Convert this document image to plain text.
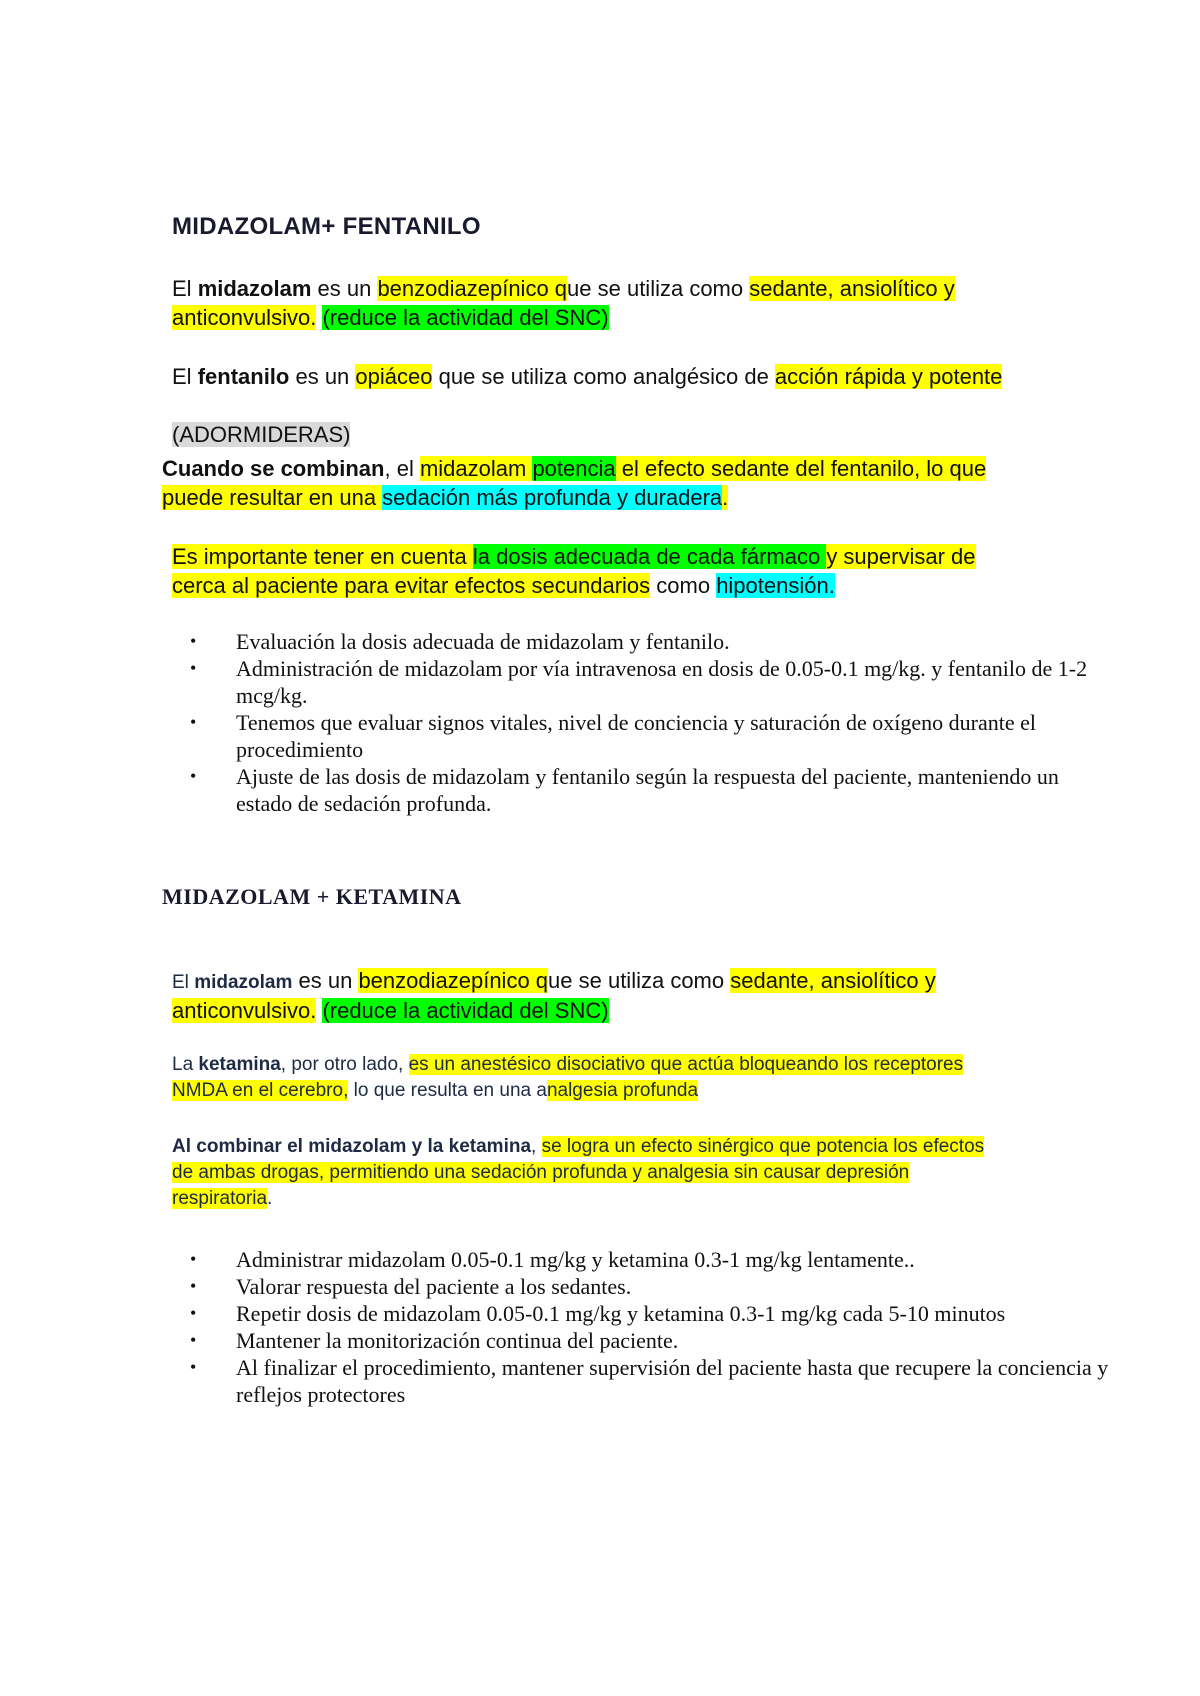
MIDAZOLAM+ FENTANILO

El midazolam es un benzodiazepínico que se utiliza como sedante, ansiolítico y
anticonvulsivo. (reduce la actividad del SNC)

El fentanilo es un opiáceo que se utiliza como analgésico de acción rápida y potente

(ADORMIDERAS)

Cuando se combinan, el midazolam potencia el efecto sedante del fentanilo, lo que
puede resultar en una sedación más profunda y duradera.

Es importante tener en cuenta la dosis adecuada de cada fármaco y supervisar de
cerca al paciente para evitar efectos secundarios como hipotensión.

• Evaluación la dosis adecuada de midazolam y fentanilo.
• Administración de midazolam por vía intravenosa en dosis de 0.05-0.1 mg/kg. y fentanilo de 1-2 mcg/kg.
• Tenemos que evaluar signos vitales, nivel de conciencia y saturación de oxígeno durante el procedimiento
• Ajuste de las dosis de midazolam y fentanilo según la respuesta del paciente, manteniendo un estado de sedación profunda.
MIDAZOLAM + KETAMINA

El midazolam es un benzodiazepínico que se utiliza como sedante, ansiolítico y
anticonvulsivo. (reduce la actividad del SNC)

La ketamina, por otro lado, es un anestésico disociativo que actúa bloqueando los receptores
NMDA en el cerebro, lo que resulta en una analgesia profunda

Al combinar el midazolam y la ketamina, se logra un efecto sinérgico que potencia los efectos
de ambas drogas, permitiendo una sedación profunda y analgesia sin causar depresión
respiratoria.

• Administrar midazolam 0.05-0.1 mg/kg y ketamina 0.3-1 mg/kg lentamente..
• Valorar respuesta del paciente a los sedantes.
• Repetir dosis de midazolam 0.05-0.1 mg/kg y ketamina 0.3-1 mg/kg cada 5-10 minutos
• Mantener la monitorización continua del paciente.
• Al finalizar el procedimiento, mantener supervisión del paciente hasta que recupere la conciencia y reflejos protectores
